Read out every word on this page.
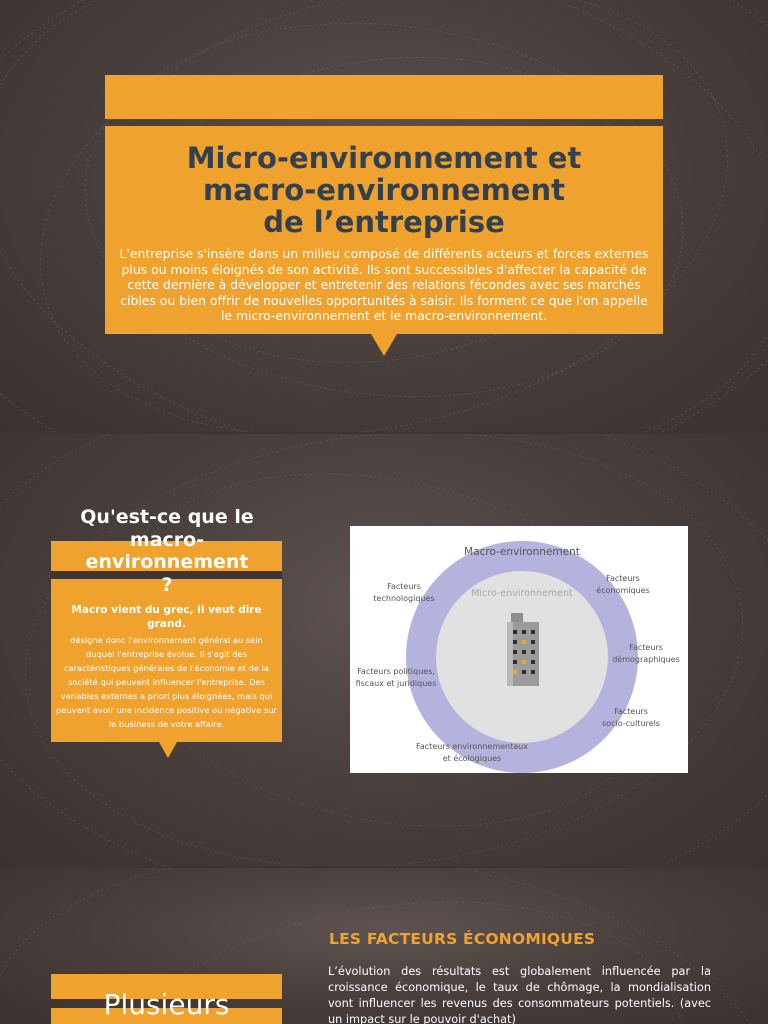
Micro-environnement et
macro-environnement
de l’entreprise

L'entreprise s'insère dans un milieu composé de différents acteurs et forces externes plus ou moins éloignés de son activité. Ils sont successibles d'affecter la capacité de cette dernière à développer et entretenir des relations fécondes avec ses marchés cibles ou bien offrir de nouvelles opportunités à saisir. Ils forment ce que l'on appelle le micro-environnement et le macro-environnement.

Qu'est-ce que le
macro-
environnement
?

Macro vient du grec, il veut dire
grand.

désigne donc l'environnement général au sein duquel l'entreprise évolue. Il s'agit des caractéristiques générales de l'économie et de la société qui peuvent influencer l'entreprise. Des variables externes a priori plus éloignées, mais qui peuvent avoir une incidence positive ou négative sur le business de votre affaire.

Macro-environnement
Micro-environnement
Facteurs
technologiques
Facteurs
économiques
Facteurs
démographiques
Facteurs politiques,
fiscaux et juridiques
Facteurs
socio-culturels
Facteurs environnementaux
et écologiques
LES FACTEURS ÉCONOMIQUES

L’évolution des résultats est globalement influencée par la croissance économique, le taux de chômage, la mondialisation vont influencer les revenus des consommateurs potentiels. (avec un impact sur le pouvoir d'achat)

Plusieurs
